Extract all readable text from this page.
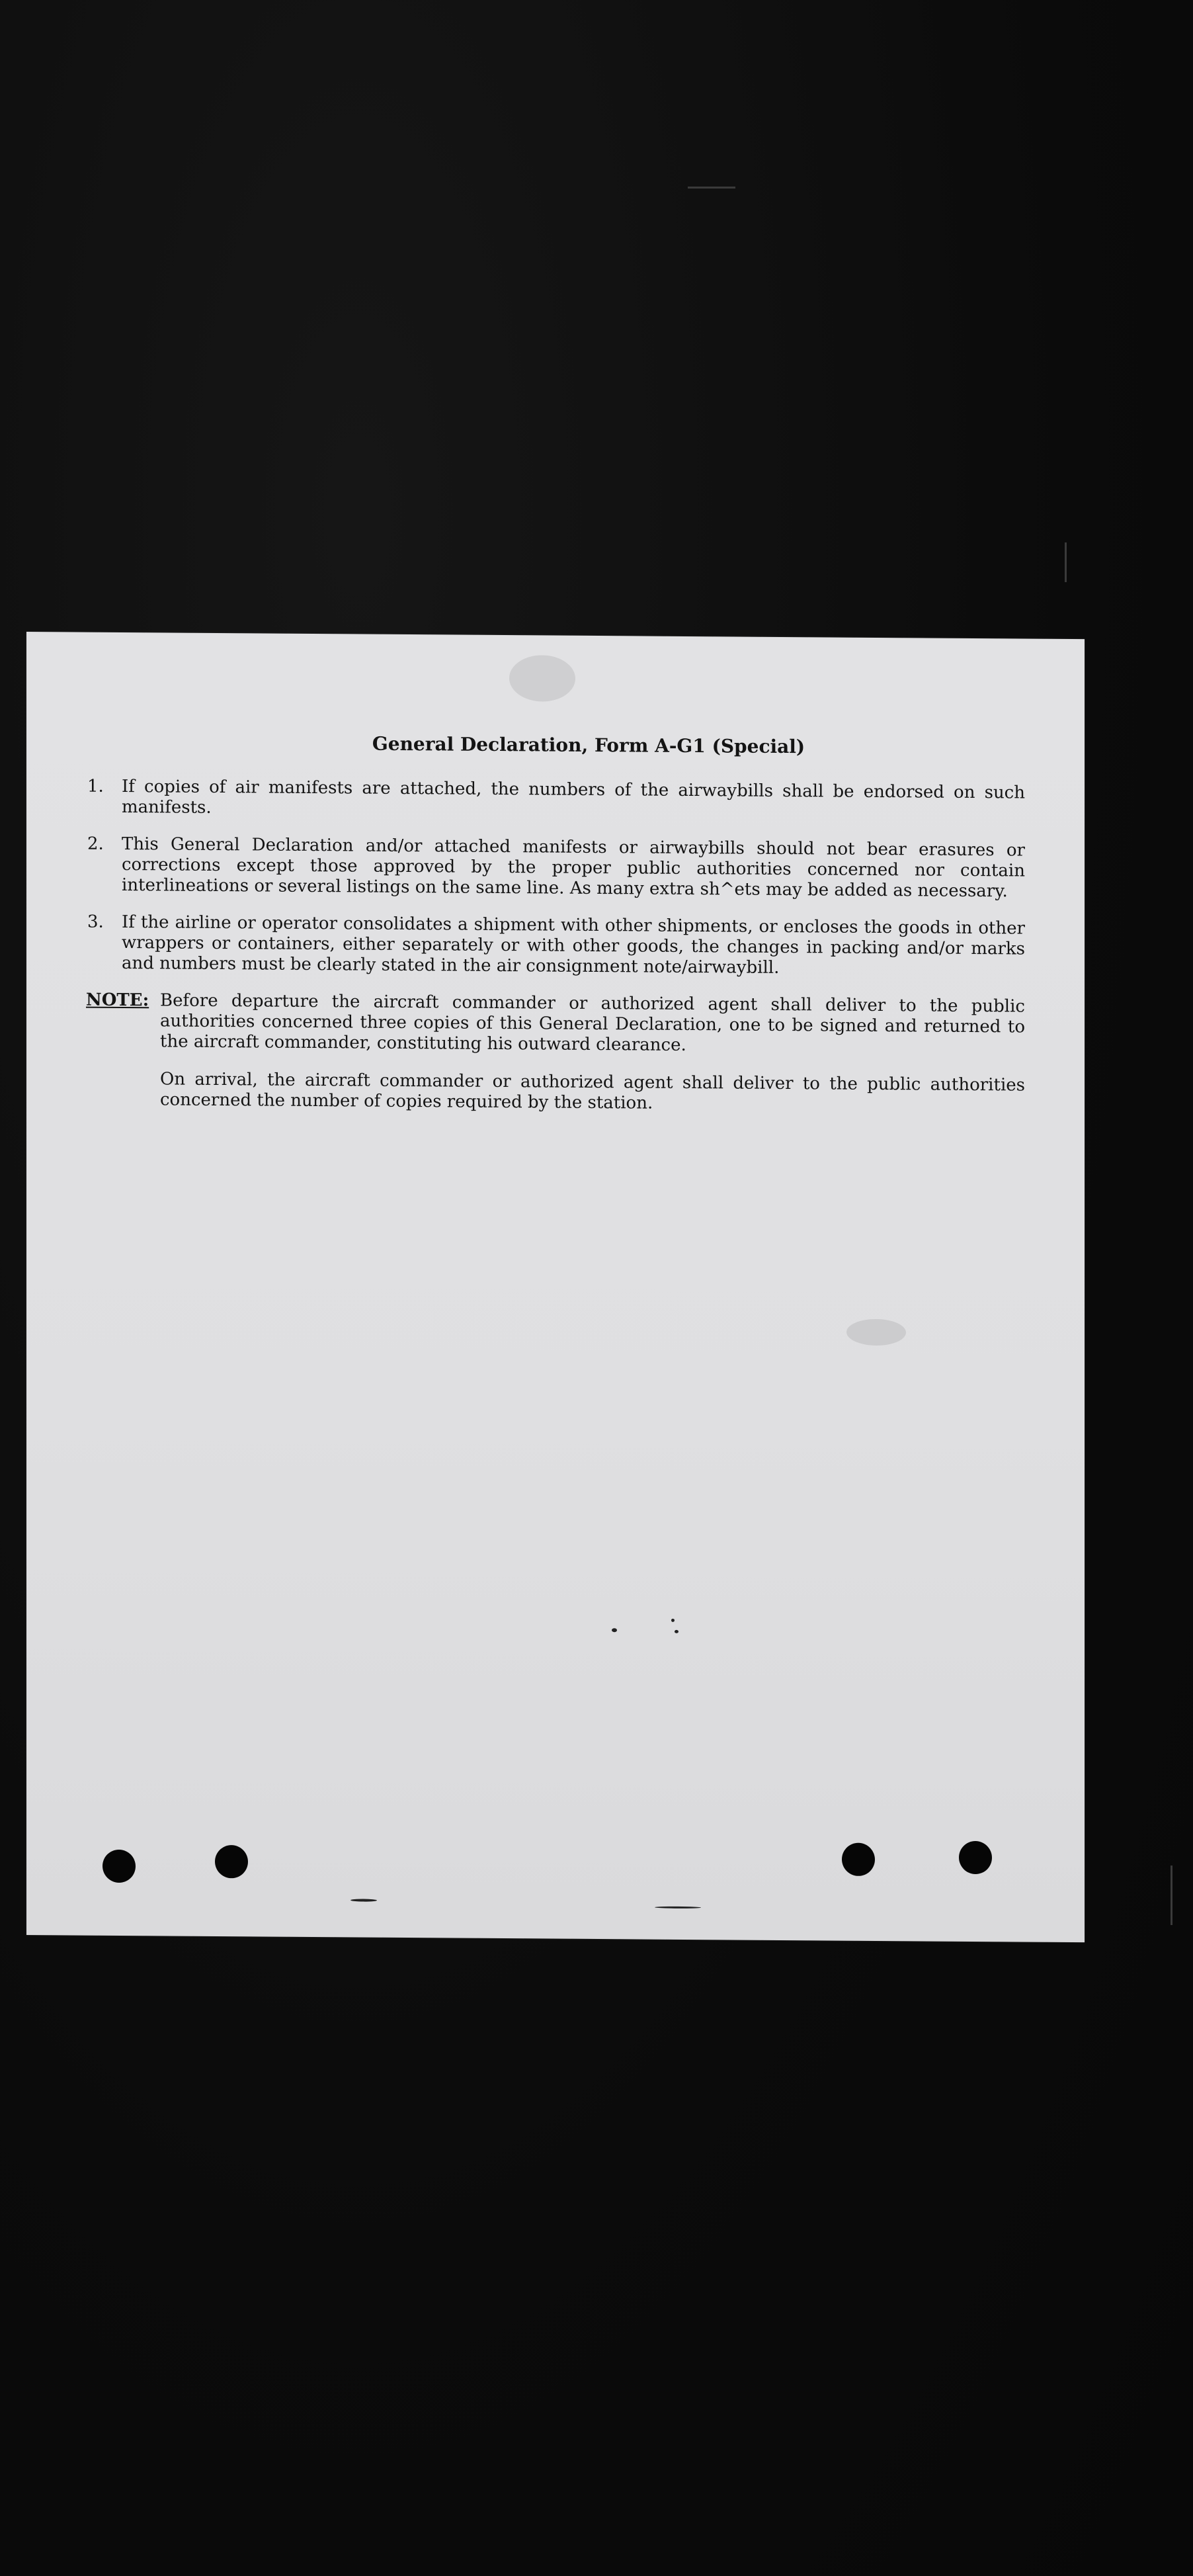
General Declaration, Form A-G1 (Special)
1.	If copies of air manifests are attached, the numbers of the airwaybills shall be endorsed on such manifests.
2.	This General Declaration and/or attached manifests or airwaybills should not bear erasures or corrections except those approved by the proper public authorities concerned nor contain interlineations or several listings on the same line. As many extra sh^ets may be added as necessary.
3.	If the airline or operator consolidates a shipment with other shipments, or encloses the goods in other wrappers or containers, either separately or with other goods, the changes in packing and/or marks and numbers must be clearly stated in the air consignment note/airwaybill.
NOTE: Before departure the aircraft commander or authorized agent shall deliver to the public authorities concerned three copies of this General Declaration, one to be signed and returned to the aircraft commander, constituting his outward clearance.
On arrival, the aircraft commander or authorized agent shall deliver to the public authorities concerned the number of copies required by the station.
